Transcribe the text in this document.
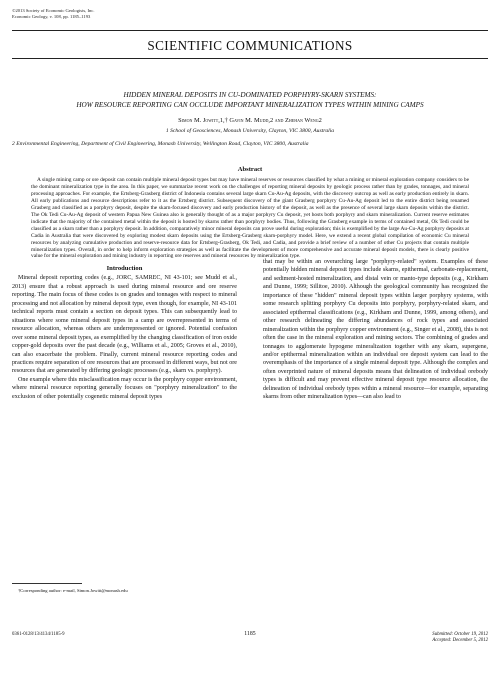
©2013 Society of Economic Geologists, Inc.
Economic Geology, v. 108, pp. 1185–1193
SCIENTIFIC COMMUNICATIONS
HIDDEN MINERAL DEPOSITS IN CU-DOMINATED PORPHYRY-SKARN SYSTEMS:
HOW RESOURCE REPORTING CAN OCCLUDE IMPORTANT MINERALIZATION TYPES WITHIN MINING CAMPS
Simon M. Jowitt,1,† Gavin M. Mudd,2 and Zhehan Weng2
1 School of Geosciences, Monash University, Clayton, VIC 3800, Australia
2 Environmental Engineering, Department of Civil Engineering, Monash University, Wellington Road, Clayton, VIC 3800, Australia
Abstract
A single mining camp or ore deposit can contain multiple mineral deposit types but may have mineral reserves or resources classified by what a mining or mineral exploration company considers to be the dominant mineralization type in the area. In this paper, we summarize recent work on the challenges of reporting mineral deposits by geologic process rather than by grades, tonnages, and mineral processing approaches. For example, the Ertsberg-Grasberg district of Indonesia contains several large skarn Cu-Au-Ag deposits, with the discovery outcrop as well as early production entirely in skarn. All early publications and resource descriptions refer to it as the Ertsberg district. Subsequent discovery of the giant Grasberg porphyry Cu-Au-Ag deposit led to the entire district being renamed Grasberg and classified as a porphyry deposit, despite the skarn-focused discovery and early production history of the deposit, as well as the presence of several large skarn deposits within the district. The Ok Tedi Cu-Au-Ag deposit of western Papua New Guinea also is generally thought of as a major porphyry Cu deposit, yet hosts both porphyry and skarn mineralization. Current reserve estimates indicate that the majority of the contained metal within the deposit is hosted by skarns rather than porphyry bodies. Thus, following the Grasberg example in terms of contained metal, Ok Tedi could be classified as a skarn rather than a porphyry deposit. In addition, comparatively minor mineral deposits can prove useful during exploration; this is exemplified by the large Au-Cu-Ag porphyry deposits at Cadia in Australia that were discovered by exploring modest skarn deposits using the Ertsberg-Grasberg skarn-porphyry model. Here, we extend a recent global compilation of economic Cu mineral resources by analyzing cumulative production and reserve-resource data for Ertsberg-Grasberg, Ok Tedi, and Cadia, and provide a brief review of a number of other Cu projects that contain multiple mineralization types. Overall, in order to help inform exploration strategies as well as facilitate the development of more comprehensive and accurate mineral deposit models, there is clearly positive value for the mineral exploration and mining industry in reporting ore reserves and mineral resources by mineralization type.
Introduction

Mineral deposit reporting codes (e.g., JORC, SAMREC, NI 43-101; see Mudd et al., 2013) ensure that a robust approach is used during mineral resource and ore reserve reporting. The main focus of these codes is on grades and tonnages with respect to mineral processing and not allocation by mineral deposit type, even though, for example, NI 43-101 technical reports must contain a section on deposit types. This can subsequently lead to situations where some mineral deposit types in a camp are overrepresented in terms of resource allocation, whereas others are underrepresented or ignored. Potential confusion over some mineral deposit types, as exemplified by the changing classification of iron oxide copper-gold deposits over the past decade (e.g., Williams et al., 2005; Groves et al., 2010), can also exacerbate the problem. Finally, current mineral resource reporting codes and practices require separation of ore resources that are processed in different ways, but not ore resources that are generated by differing geologic processes (e.g., skarn vs. porphyry).

One example where this misclassification may occur is the porphyry copper environment, where mineral resource reporting generally focuses on "porphyry mineralization" to the exclusion of other potentially cogenetic mineral deposit types

that may be within an overarching large "porphyry-related" system. Examples of these potentially hidden mineral deposit types include skarns, epithermal, carbonate-replacement, and sediment-hosted mineralization, and distal vein or manto-type deposits (e.g., Kirkham and Dunne, 1999; Sillitoe, 2010). Although the geological community has recognized the importance of these "hidden" mineral deposit types within larger porphyry systems, with some research splitting porphyry Cu deposits into porphyry, porphyry-related skarn, and associated epithermal classifications (e.g., Kirkham and Dunne, 1999, among others), and other research delineating the differing abundances of rock types and associated mineralization within the porphyry copper environment (e.g., Singer et al., 2008), this is not often the case in the mineral exploration and mining sectors. The combining of grades and tonnages to agglomerate hypogene mineralization together with any skarn, supergene, and/or epithermal mineralization within an individual ore deposit system can lead to the overemphasis of the importance of a single mineral deposit type. Although the complex and often overprinted nature of mineral deposits means that delineation of individual orebody types is difficult and may prevent effective mineral deposit type resource allocation, the delineation of individual orebody types within a mineral resource—for example, separating skarns from other mineralization types—can also lead to

†Corresponding author: e-mail, Simon.Jowitt@monash.edu
0361-0128/13/4134/1185-9	1185	Submitted: October 19, 2012
Accepted: December 5, 2012
